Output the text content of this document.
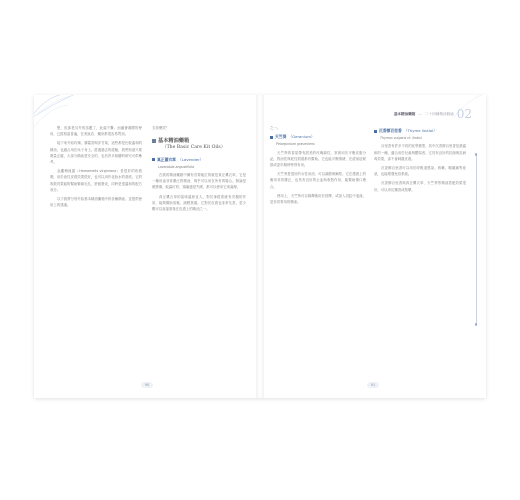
想，但那是另外的話題了，此處不贅。而蘆薈凝膠的使用，已經相當普遍，在美妝店、藥房都很容易買到。

接下來介紹玫瑰、廣藿香與洋甘菊，這些都是比較溫和的精油，也適合用在孩子身上。經過過去的經驗，我們知道只要劑量正確，大部分精油是安全的，也有許多相關的研究可供參考。

金縷梅純露（Hamamelis virginiana）是很好的收斂劑，用於油性皮膚效果很好，也可以用作化妝水的基底。它的收斂效果能夠幫助緊緻毛孔、舒緩發炎，同時是很溫和的配方成分。

以下我將分別介紹基本精油藥箱中的各種精油，並提供使用上的建議。

支持療效？
基本精油藥箱
（The Basic Care Kit Oils）
真正薰衣草 （Lavender）
Lavandula angustifolia

在我的精油藥箱中擁有首要地位的就是真正薰衣草，它是一種用途非常廣泛的精油，幾乎可以用在所有的場合。無論是燒燙傷、蚊蟲叮咬、頭痛還是失眠，都可以使用它來處理。

真正薰衣草的氣味溫和宜人，對於神經系統有安撫的作用，能夠幫助放鬆、減輕焦慮。它對於皮膚也非常友善，是少數可以直接塗抹在皮膚上的精油之一。

90
基本精油藥箱 — 二十四種精油個論 02
之一。
天竺葵 （Geranium）
Pelargonium graveolens

天竺葵的香氣帶有甜美的玫瑰調性，常被用於平衡皮脂分泌，對油性與乾性肌膚都有幫助。它也能平衡情緒，在經前症候群或更年期時特別有用。

天竺葵是很好的女性用油，可以調節荷爾蒙。它在護膚上的應用非常廣泛，也具有良好的止血與收斂作用，能幫助傷口癒合。

使用上，天竺葵可以稀釋後用於按摩，或加入浴缸中泡澡，是非常實用的精油。

沉香醇百里香 （Thyme linalol）
Thymus vulgaris ct. linalol

百里香有許多不同的化學類型，其中沉香醇百里香是最溫和的一種，適合用於兒童與體弱者。它具有良好的抗菌與抗病毒效果，卻不會刺激皮膚。

沉香醇百里香可以用於呼吸道感染、咳嗽、喉嚨痛等症狀，也能增強免疫系統。

沉香醇百里香與真正薰衣草、天竺葵等精油搭配效果很好，可以用於擴香或按摩。

91
